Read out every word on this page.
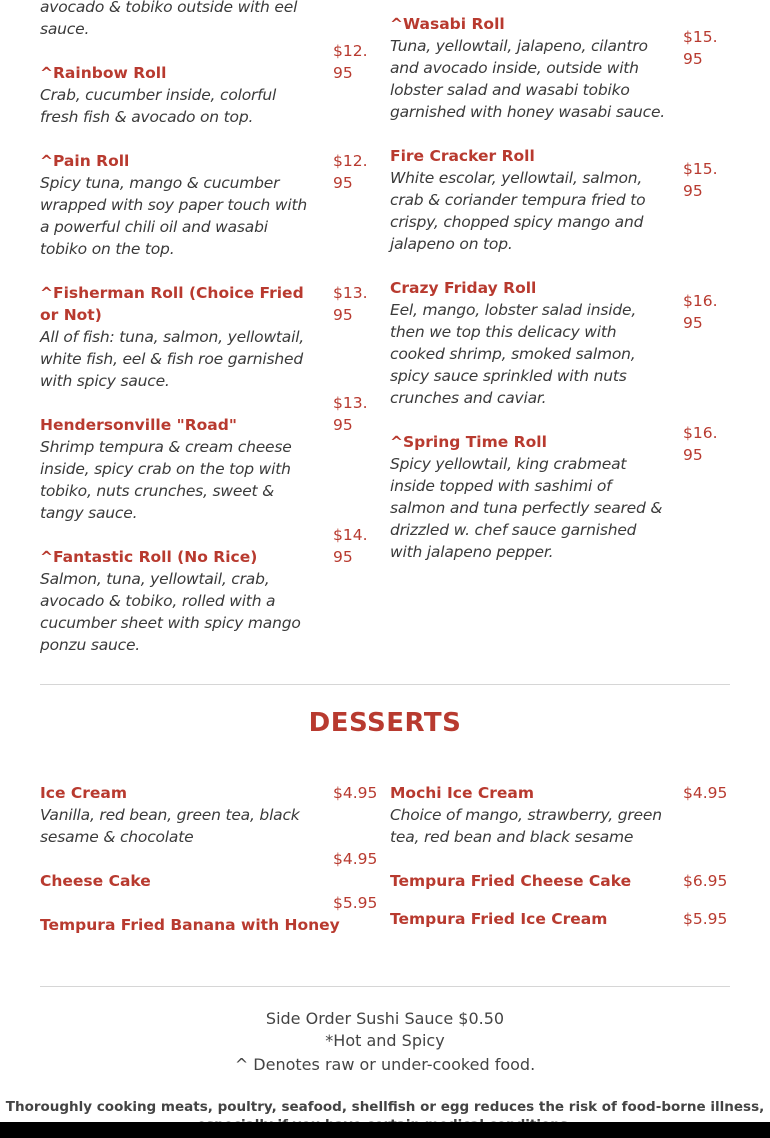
avocado & tobiko outside with eel sauce.
^Rainbow Roll
Crab, cucumber inside, colorful fresh fish & avocado on top.
^Pain Roll
Spicy tuna, mango & cucumber wrapped with soy paper touch with a powerful chili oil and wasabi tobiko on the top.
^Fisherman Roll (Choice Fried or Not)
All of fish: tuna, salmon, yellowtail, white fish, eel & fish roe garnished with spicy sauce.
Hendersonville "Road"
Shrimp tempura & cream cheese inside, spicy crab on the top with tobiko, nuts crunches, sweet & tangy sauce.
^Fantastic Roll (No Rice)
Salmon, tuna, yellowtail, crab, avocado & tobiko, rolled with a cucumber sheet with spicy mango ponzu sauce.
$12.95
$12.95
$13.95
$13.95
$14.95
^Wasabi Roll
Tuna, yellowtail, jalapeno, cilantro and avocado inside, outside with lobster salad and wasabi tobiko garnished with honey wasabi sauce.
Fire Cracker Roll
White escolar, yellowtail, salmon, crab & coriander tempura fried to crispy, chopped spicy mango and jalapeno on top.
Crazy Friday Roll
Eel, mango, lobster salad inside, then we top this delicacy with cooked shrimp, smoked salmon, spicy sauce sprinkled with nuts crunches and caviar.
^Spring Time Roll
Spicy yellowtail, king crabmeat inside topped with sashimi of salmon and tuna perfectly seared & drizzled w. chef sauce garnished with jalapeno pepper.
$15.95
$15.95
$16.95
$16.95
DESSERTS
Ice Cream
Vanilla, red bean, green tea, black sesame & chocolate
Cheese Cake
Tempura Fried Banana with Honey
$4.95
$4.95
$5.95
Mochi Ice Cream
Choice of mango, strawberry, green tea, red bean and black sesame
Tempura Fried Cheese Cake
Tempura Fried Ice Cream
$4.95
$6.95
$5.95
Side Order Sushi Sauce $0.50
*Hot and Spicy
^ Denotes raw or under-cooked food.
Thoroughly cooking meats, poultry, seafood, shellfish or egg reduces the risk of food-borne illness,
